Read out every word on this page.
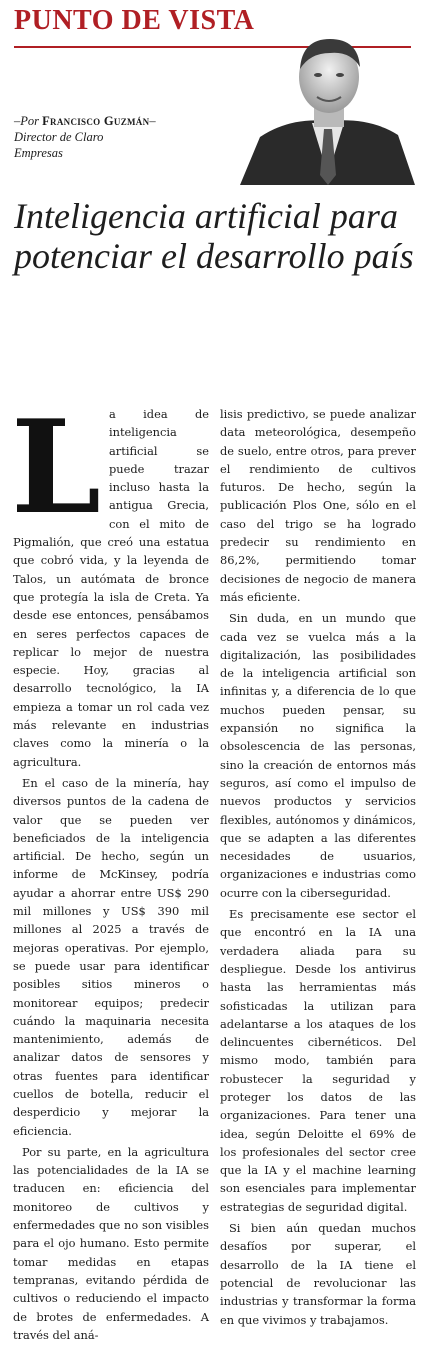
PUNTO DE VISTA
–Por Francisco Guzmán–
Director de Claro Empresas
Inteligencia artificial para potenciar el desarrollo país

La idea de inteligencia artificial se puede trazar incluso hasta la antigua Grecia, con el mito de Pigmalión, que creó una estatua que cobró vida, y la leyenda de Talos, un autómata de bronce que protegía la isla de Creta. Ya desde ese entonces, pensábamos en seres perfectos capaces de replicar lo mejor de nuestra especie. Hoy, gracias al desarrollo tecnológico, la IA empieza a tomar un rol cada vez más relevante en industrias claves como la minería o la agricultura.

En el caso de la minería, hay diversos puntos de la cadena de valor que se pueden ver beneficiados de la inteligencia artificial. De hecho, según un informe de McKinsey, podría ayudar a ahorrar entre US$ 290 mil millones y US$ 390 mil millones al 2025 a través de mejoras operativas. Por ejemplo, se puede usar para identificar posibles sitios mineros o monitorear equipos; predecir cuándo la maquinaria necesita mantenimiento, además de analizar datos de sensores y otras fuentes para identificar cuellos de botella, reducir el desperdicio y mejorar la eficiencia.

Por su parte, en la agricultura las potencialidades de la IA se traducen en: eficiencia del monitoreo de cultivos y enfermedades que no son visibles para el ojo humano. Esto permite tomar medidas en etapas tempranas, evitando pérdida de cultivos o reduciendo el impacto de brotes de enfermedades. A través del aná-

lisis predictivo, se puede analizar data meteorológica, desempeño de suelo, entre otros, para prever el rendimiento de cultivos futuros. De hecho, según la publicación Plos One, sólo en el caso del trigo se ha logrado predecir su rendimiento en 86,2%, permitiendo tomar decisiones de negocio de manera más eficiente.

Sin duda, en un mundo que cada vez se vuelca más a la digitalización, las posibilidades de la inteligencia artificial son infinitas y, a diferencia de lo que muchos pueden pensar, su expansión no significa la obsolescencia de las personas, sino la creación de entornos más seguros, así como el impulso de nuevos productos y servicios flexibles, autónomos y dinámicos, que se adapten a las diferentes necesidades de usuarios, organizaciones e industrias como ocurre con la ciberseguridad.

Es precisamente ese sector el que encontró en la IA una verdadera aliada para su despliegue. Desde los antivirus hasta las herramientas más sofisticadas la utilizan para adelantarse a los ataques de los delincuentes cibernéticos. Del mismo modo, también para robustecer la seguridad y proteger los datos de las organizaciones. Para tener una idea, según Deloitte el 69% de los profesionales del sector cree que la IA y el machine learning son esenciales para implementar estrategias de seguridad digital.

Si bien aún quedan muchos desafíos por superar, el desarrollo de la IA tiene el potencial de revolucionar las industrias y transformar la forma en que vivimos y trabajamos.
